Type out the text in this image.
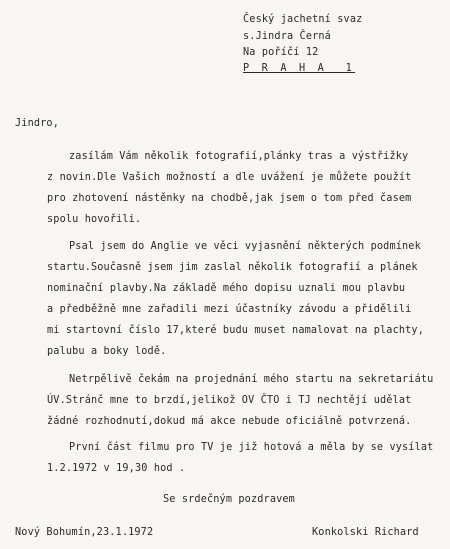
Český jachetní svaz
s.Jindra Černá
Na poříčí 12
P R A H A  1
Jindro,
zasílám Vám několik fotografií,plánky tras a výstřižky
z novin.Dle Vašich možností a dle uvážení je můžete použít
pro zhotovení nástěnky na chodbě,jak jsem o tom před časem
spolu hovořili.
Psal jsem do Anglie ve věci vyjasnění některých podmínek
startu.Současně jsem jim zaslal několik fotografií a plánek
nominační plavby.Na základě mého dopisu uznali mou plavbu
a předběžně mne zařadili mezi účastníky závodu a přidělili
mi startovní číslo 17,které budu muset namalovat na plachty,
palubu a boky lodě.
Netrpělivě čekám na projednání mého startu na sekretariátu
ÚV.Stránč mne to brzdí,jelikož OV ČTO i TJ nechtějí udělat
žádné rozhodnutí,dokud má akce nebude oficiálně potvrzená.
První část filmu pro TV je již hotová a měla by se vysílat
1.2.1972 v 19,30 hod .
Se srdečným pozdravem
Nový Bohumín,23.1.1972	Konkolski Richard
